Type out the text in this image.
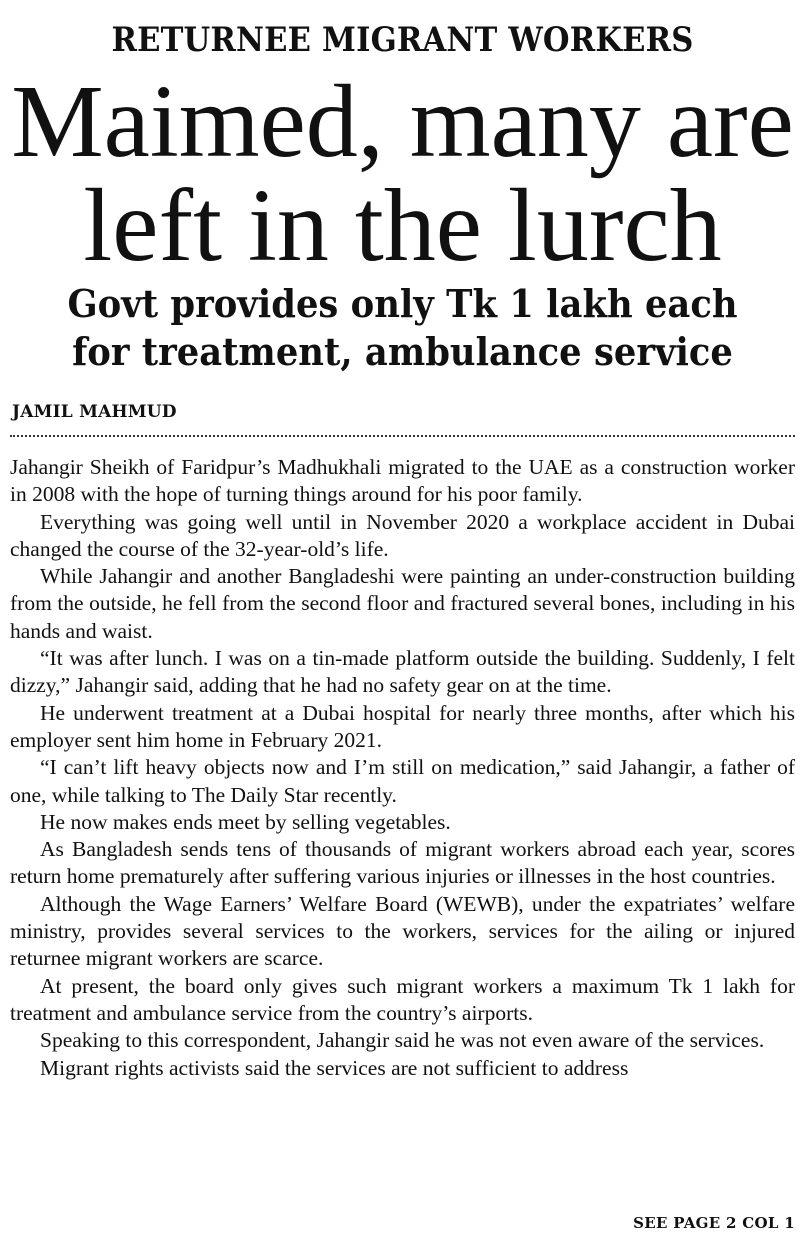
RETURNEE MIGRANT WORKERS
Maimed, many are
left in the lurch
Govt provides only Tk 1 lakh each
for treatment, ambulance service
JAMIL MAHMUD

Jahangir Sheikh of Faridpur’s Madhukhali migrated to the UAE as a construction worker in 2008 with the hope of turning things around for his poor family.

Everything was going well until in November 2020 a workplace accident in Dubai changed the course of the 32-year-old’s life.

While Jahangir and another Bangladeshi were painting an under-construction building from the outside, he fell from the second floor and fractured several bones, including in his hands and waist.

“It was after lunch. I was on a tin-made platform outside the building. Suddenly, I felt dizzy,” Jahangir said, adding that he had no safety gear on at the time.

He underwent treatment at a Dubai hospital for nearly three months, after which his employer sent him home in February 2021.

“I can’t lift heavy objects now and I’m still on medication,” said Jahangir, a father of one, while talking to The Daily Star recently.

He now makes ends meet by selling vegetables.

As Bangladesh sends tens of thousands of migrant workers abroad each year, scores return home prematurely after suffering various injuries or illnesses in the host countries.

Although the Wage Earners’ Welfare Board (WEWB), under the expatriates’ welfare ministry, provides several services to the workers, services for the ailing or injured returnee migrant workers are scarce.

At present, the board only gives such migrant workers a maximum Tk 1 lakh for treatment and ambulance service from the country’s airports.

Speaking to this correspondent, Jahangir said he was not even aware of the services.

Migrant rights activists said the services are not sufficient to address

SEE PAGE 2 COL 1
